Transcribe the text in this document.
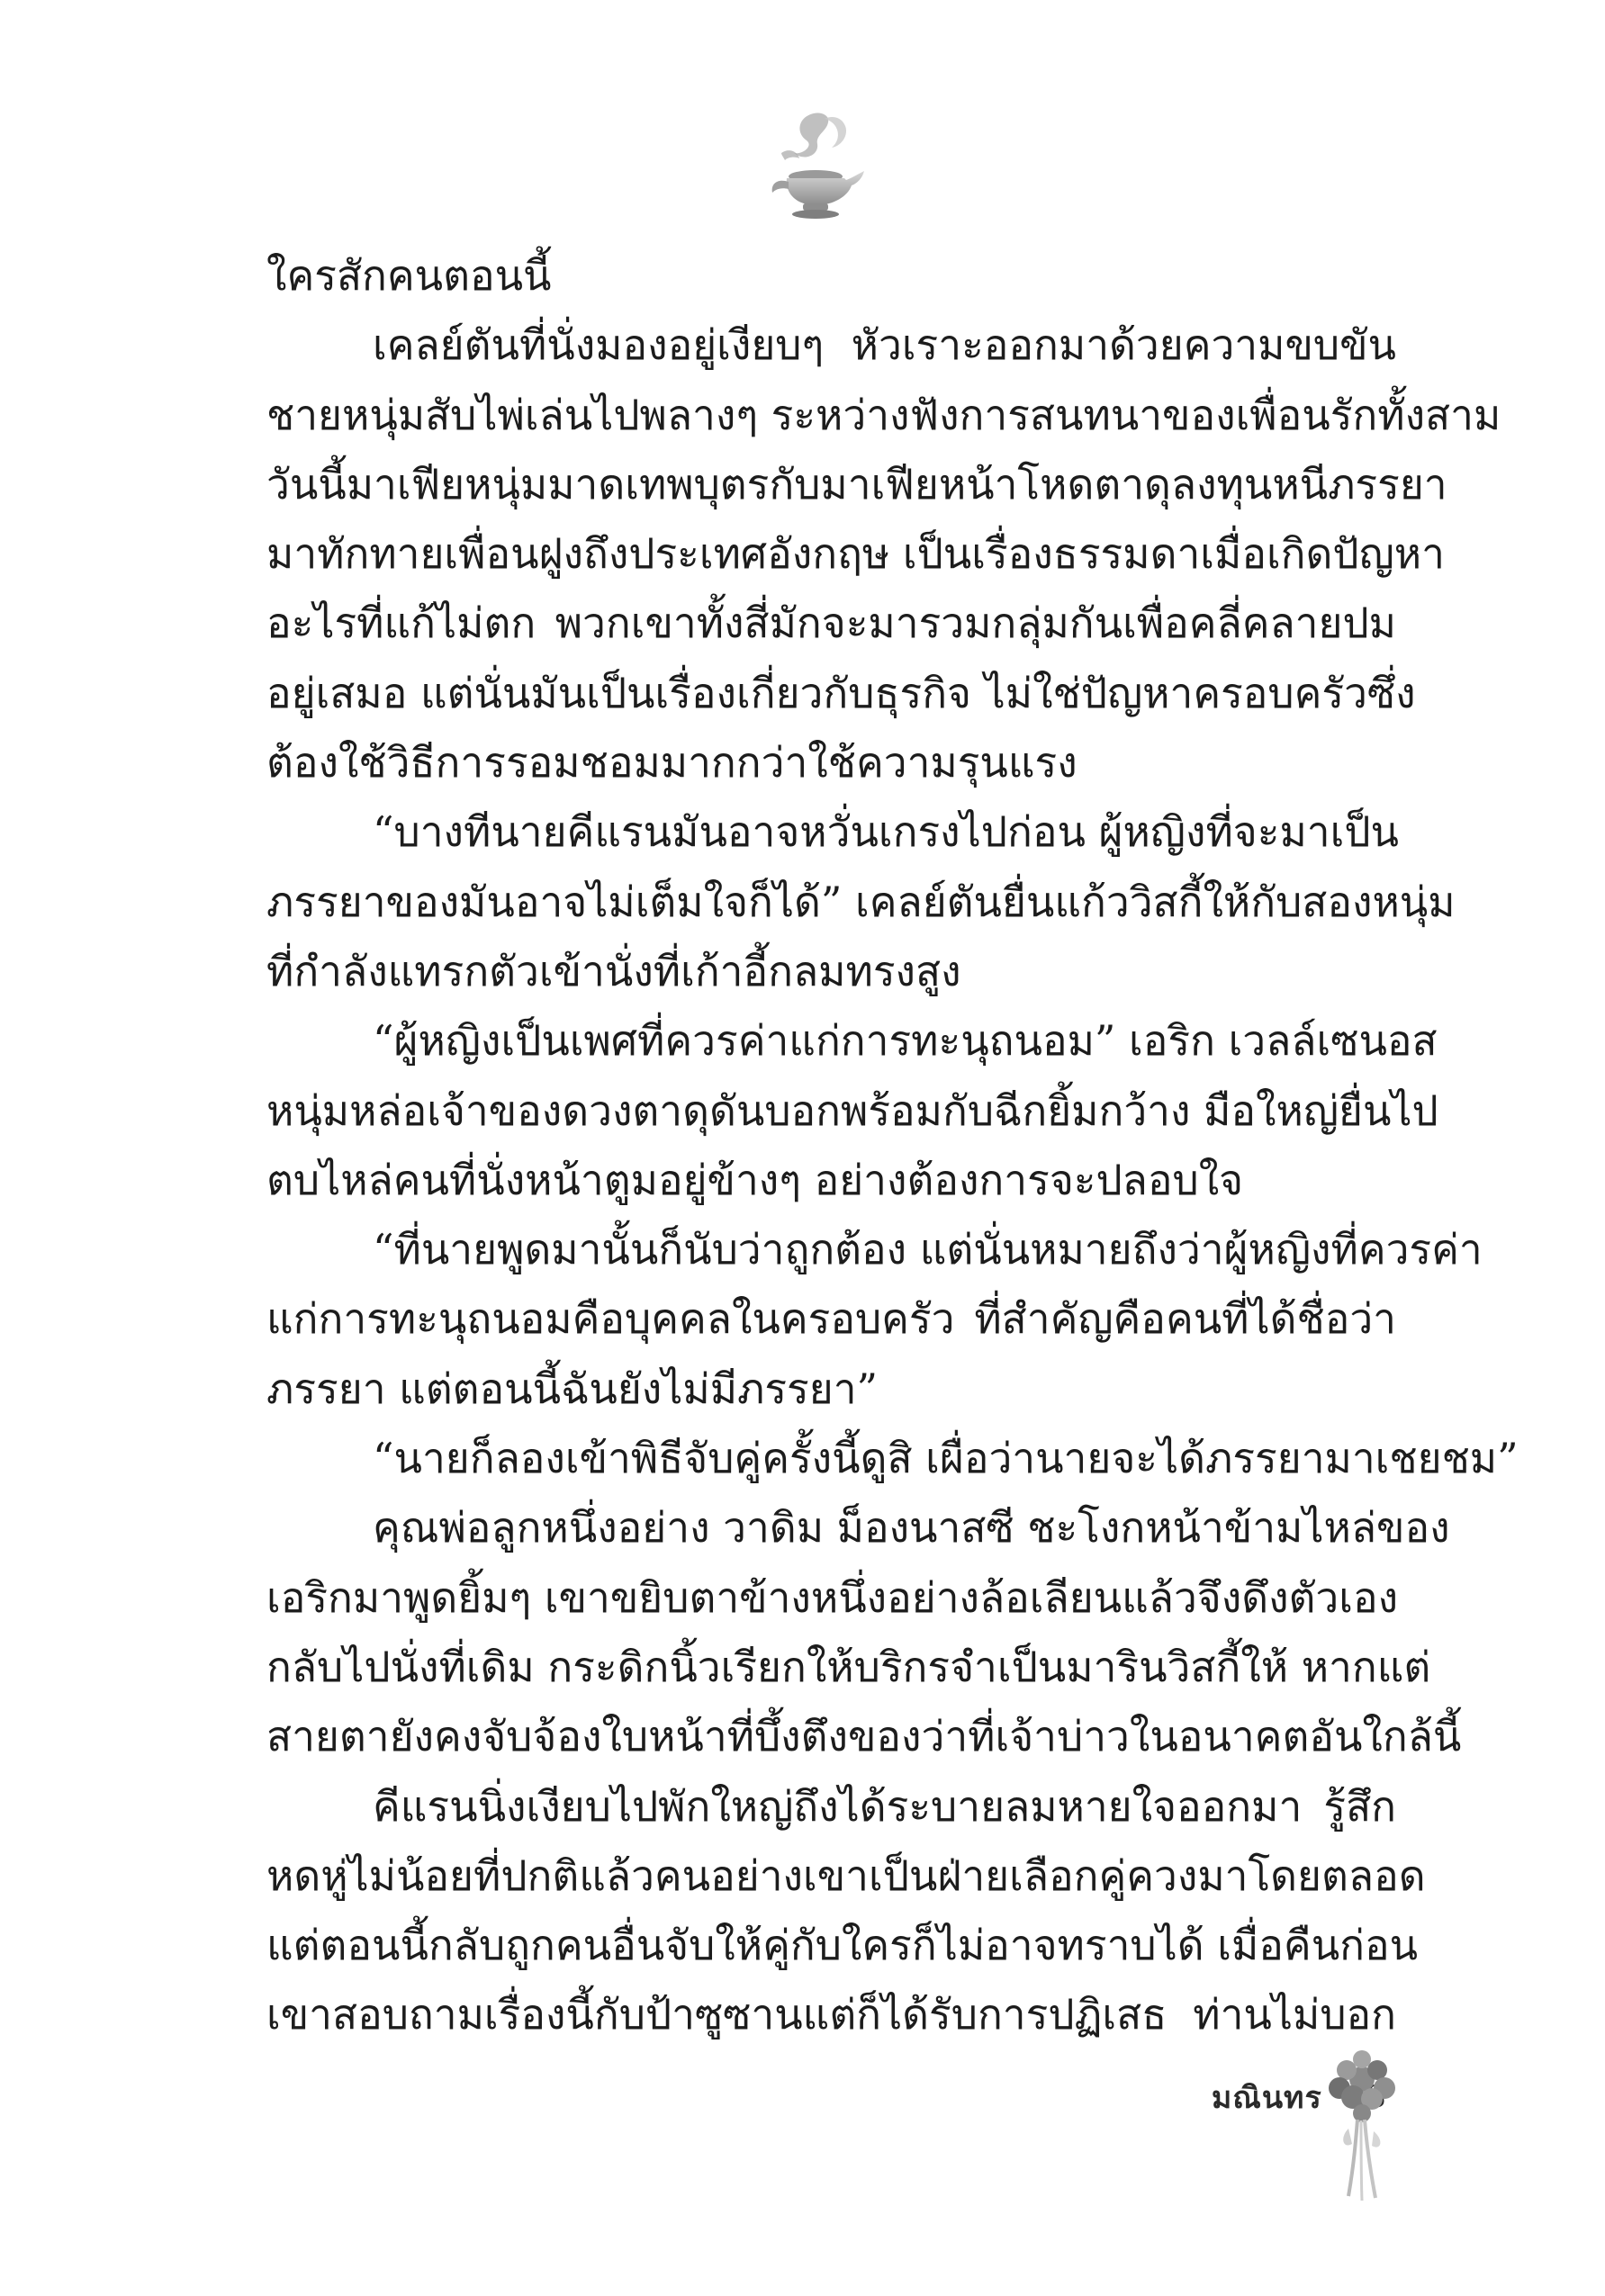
ใครสักคนตอนนี้

เคลย์ตันที่นั่งมองอยู่เงียบๆ หัวเราะออกมาด้วยความขบขัน
ชายหนุ่มสับไพ่เล่นไปพลางๆ ระหว่างฟังการสนทนาของเพื่อนรักทั้งสาม
วันนี้มาเฟียหนุ่มมาดเทพบุตรกับมาเฟียหน้าโหดตาดุลงทุนหนีภรรยา
มาทักทายเพื่อนฝูงถึงประเทศอังกฤษ เป็นเรื่องธรรมดาเมื่อเกิดปัญหา
อะไรที่แก้ไม่ตก พวกเขาทั้งสี่มักจะมารวมกลุ่มกันเพื่อคลี่คลายปม
อยู่เสมอ แต่นั่นมันเป็นเรื่องเกี่ยวกับธุรกิจ ไม่ใช่ปัญหาครอบครัวซึ่ง
ต้องใช้วิธีการรอมชอมมากกว่าใช้ความรุนแรง

“บางทีนายคีแรนมันอาจหวั่นเกรงไปก่อน ผู้หญิงที่จะมาเป็น
ภรรยาของมันอาจไม่เต็มใจก็ได้” เคลย์ตันยื่นแก้ววิสกี้ให้กับสองหนุ่ม
ที่กำลังแทรกตัวเข้านั่งที่เก้าอี้กลมทรงสูง

“ผู้หญิงเป็นเพศที่ควรค่าแก่การทะนุถนอม” เอริก เวลล์เซนอส
หนุ่มหล่อเจ้าของดวงตาดุดันบอกพร้อมกับฉีกยิ้มกว้าง มือใหญ่ยื่นไป
ตบไหล่คนที่นั่งหน้าตูมอยู่ข้างๆ อย่างต้องการจะปลอบใจ

“ที่นายพูดมานั้นก็นับว่าถูกต้อง แต่นั่นหมายถึงว่าผู้หญิงที่ควรค่า
แก่การทะนุถนอมคือบุคคลในครอบครัว ที่สำคัญคือคนที่ได้ชื่อว่า
ภรรยา แต่ตอนนี้ฉันยังไม่มีภรรยา”

“นายก็ลองเข้าพิธีจับคู่ครั้งนี้ดูสิ เผื่อว่านายจะได้ภรรยามาเชยชม”

คุณพ่อลูกหนึ่งอย่าง วาดิม ม็องนาสซี ชะโงกหน้าข้ามไหล่ของ
เอริกมาพูดยิ้มๆ เขาขยิบตาข้างหนึ่งอย่างล้อเลียนแล้วจึงดึงตัวเอง
กลับไปนั่งที่เดิม กระดิกนิ้วเรียกให้บริกรจำเป็นมารินวิสกี้ให้ หากแต่
สายตายังคงจับจ้องใบหน้าที่บึ้งตึงของว่าที่เจ้าบ่าวในอนาคตอันใกล้นี้

คีแรนนิ่งเงียบไปพักใหญ่ถึงได้ระบายลมหายใจออกมา รู้สึก
หดหู่ไม่น้อยที่ปกติแล้วคนอย่างเขาเป็นฝ่ายเลือกคู่ควงมาโดยตลอด
แต่ตอนนี้กลับถูกคนอื่นจับให้คู่กับใครก็ไม่อาจทราบได้ เมื่อคืนก่อน
เขาสอบถามเรื่องนี้กับป้าซูซานแต่ก็ได้รับการปฏิเสธ ท่านไม่บอก

มณินทร
